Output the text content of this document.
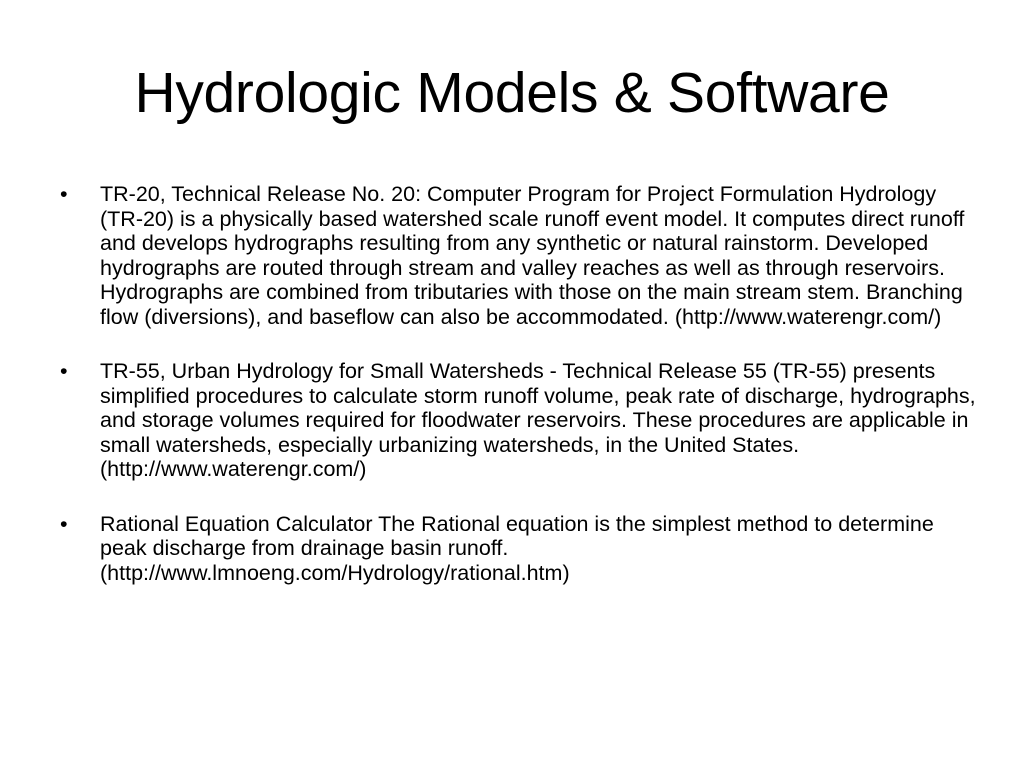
Hydrologic Models & Software
•	TR-20, Technical Release No. 20: Computer Program for Project Formulation Hydrology (TR-20) is a physically based watershed scale runoff event model. It computes direct runoff and develops hydrographs resulting from any synthetic or natural rainstorm. Developed hydrographs are routed through stream and valley reaches as well as through reservoirs. Hydrographs are combined from tributaries with those on the main stream stem. Branching flow (diversions), and baseflow can also be accommodated. (http://www.waterengr.com/)
•	TR-55, Urban Hydrology for Small Watersheds - Technical Release 55 (TR-55) presents simplified procedures to calculate storm runoff volume, peak rate of discharge, hydrographs, and storage volumes required for floodwater reservoirs. These procedures are applicable in small watersheds, especially urbanizing watersheds, in the United States.(http://www.waterengr.com/)
•	Rational Equation Calculator The Rational equation is the simplest method to determine peak discharge from drainage basin runoff. (http://www.lmnoeng.com/Hydrology/rational.htm)
